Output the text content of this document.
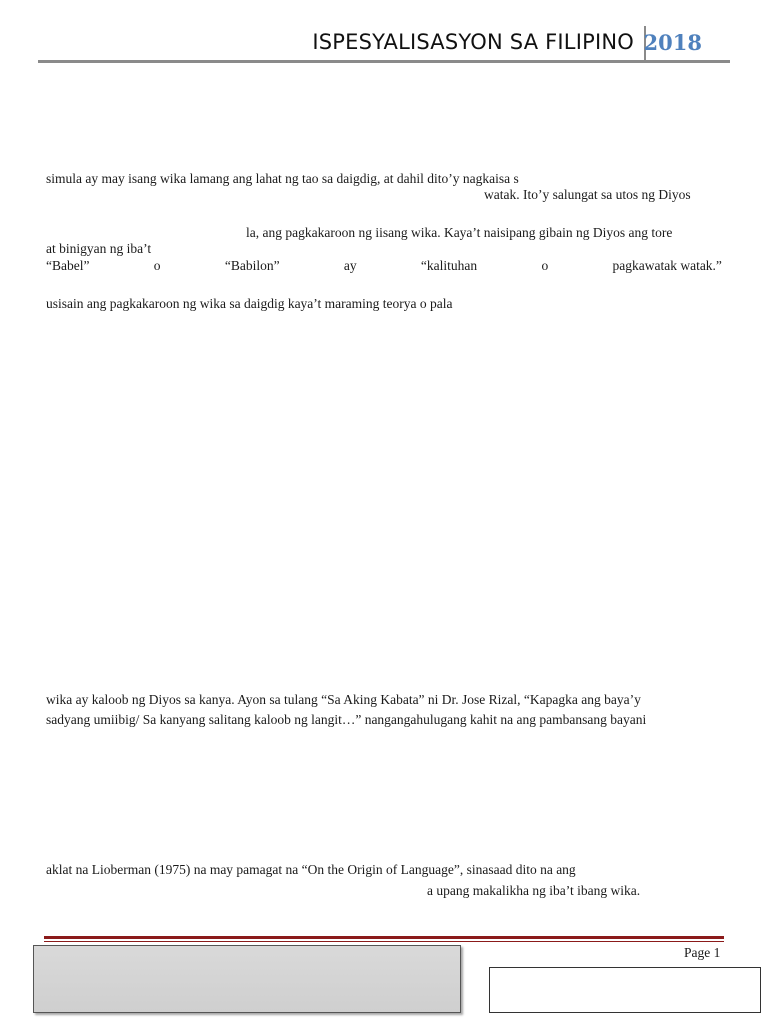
ISPESYALISASYON SA FILIPINO 2018
simula ay may isang wika lamang ang lahat ng tao sa daigdig, at dahil dito’y nagkaisa s
watak. Ito’y salungat sa utos ng Diyos
la, ang pagkakaroon ng iisang wika. Kaya’t naisipang gibain ng Diyos ang tore
at binigyan ng iba’t
“Babel”	o	“Babilon”	ay	“kalituhan	o	pagkawatak watak.”
usisain ang pagkakaroon ng wika sa daigdig kaya’t maraming teorya o pala
wika ay kaloob ng Diyos sa kanya. Ayon sa tulang “Sa Aking Kabata” ni Dr. Jose Rizal, “Kapagka ang baya’y
sadyang umiibig/ Sa kanyang salitang kaloob ng langit…” nangangahulugang kahit na ang pambansang bayani
aklat na Lioberman (1975) na may pamagat na “On the Origin of Language”, sinasaad dito na ang
a upang makalikha ng iba’t ibang wika.
Page 1
